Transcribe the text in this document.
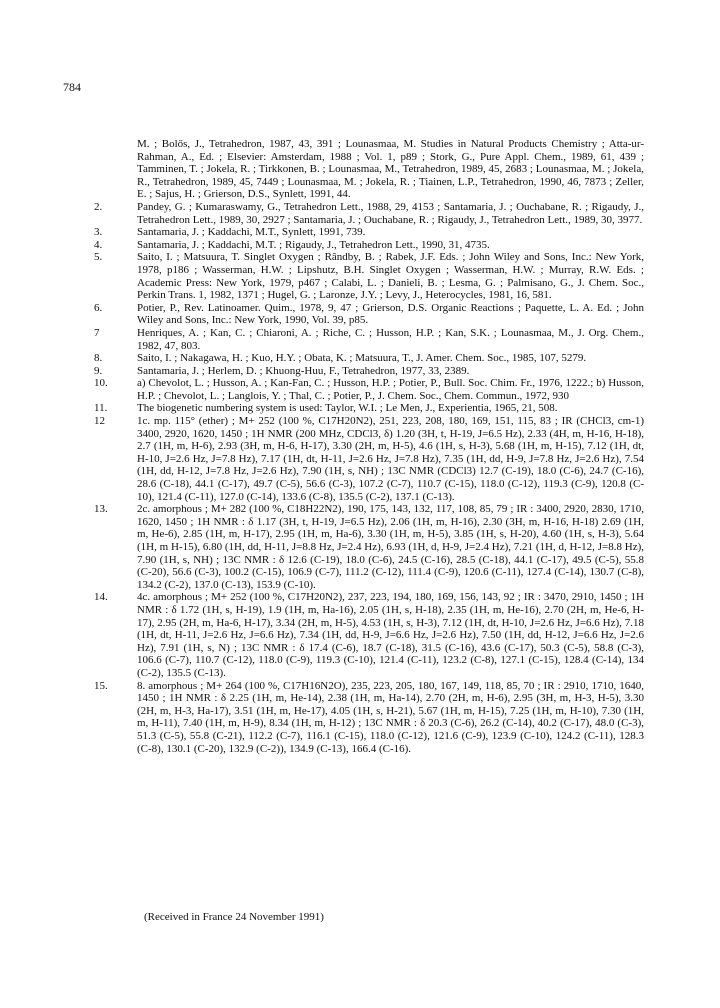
784
M. ; Bolős, J., Tetrahedron, 1987, 43, 391 ; Lounasmaa, M. Studies in Natural Products Chemistry ; Atta-ur-Rahman, A., Ed. ; Elsevier: Amsterdam, 1988 ; Vol. 1, p89 ; Stork, G., Pure Appl. Chem., 1989, 61, 439 ; Tamminen, T. ; Jokela, R. ; Tirkkonen, B. ; Lounasmaa, M., Tetrahedron, 1989, 45, 2683 ; Lounasmaa, M. ; Jokela, R., Tetrahedron, 1989, 45, 7449 ; Lounasmaa, M. ; Jokela, R. ; Tiainen, L.P., Tetrahedron, 1990, 46, 7873 ; Zeller, E. ; Sajus, H. ; Grierson, D.S., Synlett, 1991, 44.
2.	Pandey, G. ; Kumaraswamy, G., Tetrahedron Lett., 1988, 29, 4153 ; Santamaria, J. ; Ouchabane, R. ; Rigaudy, J., Tetrahedron Lett., 1989, 30, 2927 ; Santamaria, J. ; Ouchabane, R. ; Rigaudy, J., Tetrahedron Lett., 1989, 30, 3977.
3.	Santamaria, J. ; Kaddachi, M.T., Synlett, 1991, 739.
4.	Santamaria, J. ; Kaddachi, M.T. ; Rigaudy, J., Tetrahedron Lett., 1990, 31, 4735.
5.	Saito, I. ; Matsuura, T. Singlet Oxygen ; Rândby, B. ; Rabek, J.F. Eds. ; John Wiley and Sons, Inc.: New York, 1978, p186 ; Wasserman, H.W. ; Lipshutz, B.H. Singlet Oxygen ; Wasserman, H.W. ; Murray, R.W. Eds. ; Academic Press: New York, 1979, p467 ; Calabi, L. ; Danieli, B. ; Lesma, G. ; Palmisano, G., J. Chem. Soc., Perkin Trans. 1, 1982, 1371 ; Hugel, G. ; Laronze, J.Y. ; Levy, J., Heterocycles, 1981, 16, 581.
6.	Potier, P., Rev. Latinoamer. Quim., 1978, 9, 47 ; Grierson, D.S. Organic Reactions ; Paquette, L. A. Ed. ; John Wiley and Sons, Inc.: New York, 1990, Vol. 39, p85.
7	Henriques, A. ; Kan, C. ; Chiaroni, A. ; Riche, C. ; Husson, H.P. ; Kan, S.K. ; Lounasmaa, M., J. Org. Chem., 1982, 47, 803.
8.	Saito, I. ; Nakagawa, H. ; Kuo, H.Y. ; Obata, K. ; Matsuura, T., J. Amer. Chem. Soc., 1985, 107, 5279.
9.	Santamaria, J. ; Herlem, D. ; Khuong-Huu, F., Tetrahedron, 1977, 33, 2389.
10.	a) Chevolot, L. ; Husson, A. ; Kan-Fan, C. ; Husson, H.P. ; Potier, P., Bull. Soc. Chim. Fr., 1976, 1222.; b) Husson, H.P. ; Chevolot, L. ; Langlois, Y. ; Thal, C. ; Potier, P., J. Chem. Soc., Chem. Commun., 1972, 930
11.	The biogenetic numbering system is used: Taylor, W.I. ; Le Men, J., Experientia, 1965, 21, 508.
12	1c. mp. 115° (ether) ; M+ 252 (100 %, C17H20N2), 251, 223, 208, 180, 169, 151, 115, 83 ; IR (CHCl3, cm-1) 3400, 2920, 1620, 1450 ; 1H NMR (200 MHz, CDCl3, δ) 1.20 (3H, t, H-19, J=6.5 Hz), 2.33 (4H, m, H-16, H-18), 2.7 (1H, m, H-6), 2.93 (3H, m, H-6, H-17), 3.30 (2H, m, H-5), 4.6 (1H, s, H-3), 5.68 (1H, m, H-15), 7.12 (1H, dt, H-10, J=2.6 Hz, J=7.8 Hz), 7.17 (1H, dt, H-11, J=2.6 Hz, J=7.8 Hz), 7.35 (1H, dd, H-9, J=7.8 Hz, J=2.6 Hz), 7.54 (1H, dd, H-12, J=7.8 Hz, J=2.6 Hz), 7.90 (1H, s, NH) ; 13C NMR (CDCl3) 12.7 (C-19), 18.0 (C-6), 24.7 (C-16), 28.6 (C-18), 44.1 (C-17), 49.7 (C-5), 56.6 (C-3), 107.2 (C-7), 110.7 (C-15), 118.0 (C-12), 119.3 (C-9), 120.8 (C-10), 121.4 (C-11), 127.0 (C-14), 133.6 (C-8), 135.5 (C-2), 137.1 (C-13).
13.	2c. amorphous ; M+ 282 (100 %, C18H22N2), 190, 175, 143, 132, 117, 108, 85, 79 ; IR : 3400, 2920, 2830, 1710, 1620, 1450 ; 1H NMR : δ 1.17 (3H, t, H-19, J=6.5 Hz), 2.06 (1H, m, H-16), 2.30 (3H, m, H-16, H-18) 2.69 (1H, m, He-6), 2.85 (1H, m, H-17), 2.95 (1H, m, Ha-6), 3.30 (1H, m, H-5), 3.85 (1H, s, H-20), 4.60 (1H, s, H-3), 5.64 (1H, m H-15), 6.80 (1H, dd, H-11, J=8.8 Hz, J=2.4 Hz), 6.93 (1H, d, H-9, J=2.4 Hz), 7.21 (1H, d, H-12, J=8.8 Hz), 7.90 (1H, s, NH) ; 13C NMR : δ 12.6 (C-19), 18.0 (C-6), 24.5 (C-16), 28.5 (C-18), 44.1 (C-17), 49.5 (C-5), 55.8 (C-20), 56.6 (C-3), 100.2 (C-15), 106.9 (C-7), 111.2 (C-12), 111.4 (C-9), 120.6 (C-11), 127.4 (C-14), 130.7 (C-8), 134.2 (C-2), 137.0 (C-13), 153.9 (C-10).
14.	4c. amorphous ; M+ 252 (100 %, C17H20N2), 237, 223, 194, 180, 169, 156, 143, 92 ; IR : 3470, 2910, 1450 ; 1H NMR : δ 1.72 (1H, s, H-19), 1.9 (1H, m, Ha-16), 2.05 (1H, s, H-18), 2.35 (1H, m, He-16), 2.70 (2H, m, He-6, H-17), 2.95 (2H, m, Ha-6, H-17), 3.34 (2H, m, H-5), 4.53 (1H, s, H-3), 7.12 (1H, dt, H-10, J=2.6 Hz, J=6.6 Hz), 7.18 (1H, dt, H-11, J=2.6 Hz, J=6.6 Hz), 7.34 (1H, dd, H-9, J=6.6 Hz, J=2.6 Hz), 7.50 (1H, dd, H-12, J=6.6 Hz, J=2.6 Hz), 7.91 (1H, s, N) ; 13C NMR : δ 17.4 (C-6), 18.7 (C-18), 31.5 (C-16), 43.6 (C-17), 50.3 (C-5), 58.8 (C-3), 106.6 (C-7), 110.7 (C-12), 118.0 (C-9), 119.3 (C-10), 121.4 (C-11), 123.2 (C-8), 127.1 (C-15), 128.4 (C-14), 134 (C-2), 135.5 (C-13).
15.	8. amorphous ; M+ 264 (100 %, C17H16N2O), 235, 223, 205, 180, 167, 149, 118, 85, 70 ; IR : 2910, 1710, 1640, 1450 ; 1H NMR : δ 2.25 (1H, m, He-14), 2.38 (1H, m, Ha-14), 2.70 (2H, m, H-6), 2.95 (3H, m, H-3, H-5), 3.30 (2H, m, H-3, Ha-17), 3.51 (1H, m, He-17), 4.05 (1H, s, H-21), 5.67 (1H, m, H-15), 7.25 (1H, m, H-10), 7.30 (1H, m, H-11), 7.40 (1H, m, H-9), 8.34 (1H, m, H-12) ; 13C NMR : δ 20.3 (C-6), 26.2 (C-14), 40.2 (C-17), 48.0 (C-3), 51.3 (C-5), 55.8 (C-21), 112.2 (C-7), 116.1 (C-15), 118.0 (C-12), 121.6 (C-9), 123.9 (C-10), 124.2 (C-11), 128.3 (C-8), 130.1 (C-20), 132.9 (C-2)), 134.9 (C-13), 166.4 (C-16).
(Received in France 24 November 1991)
